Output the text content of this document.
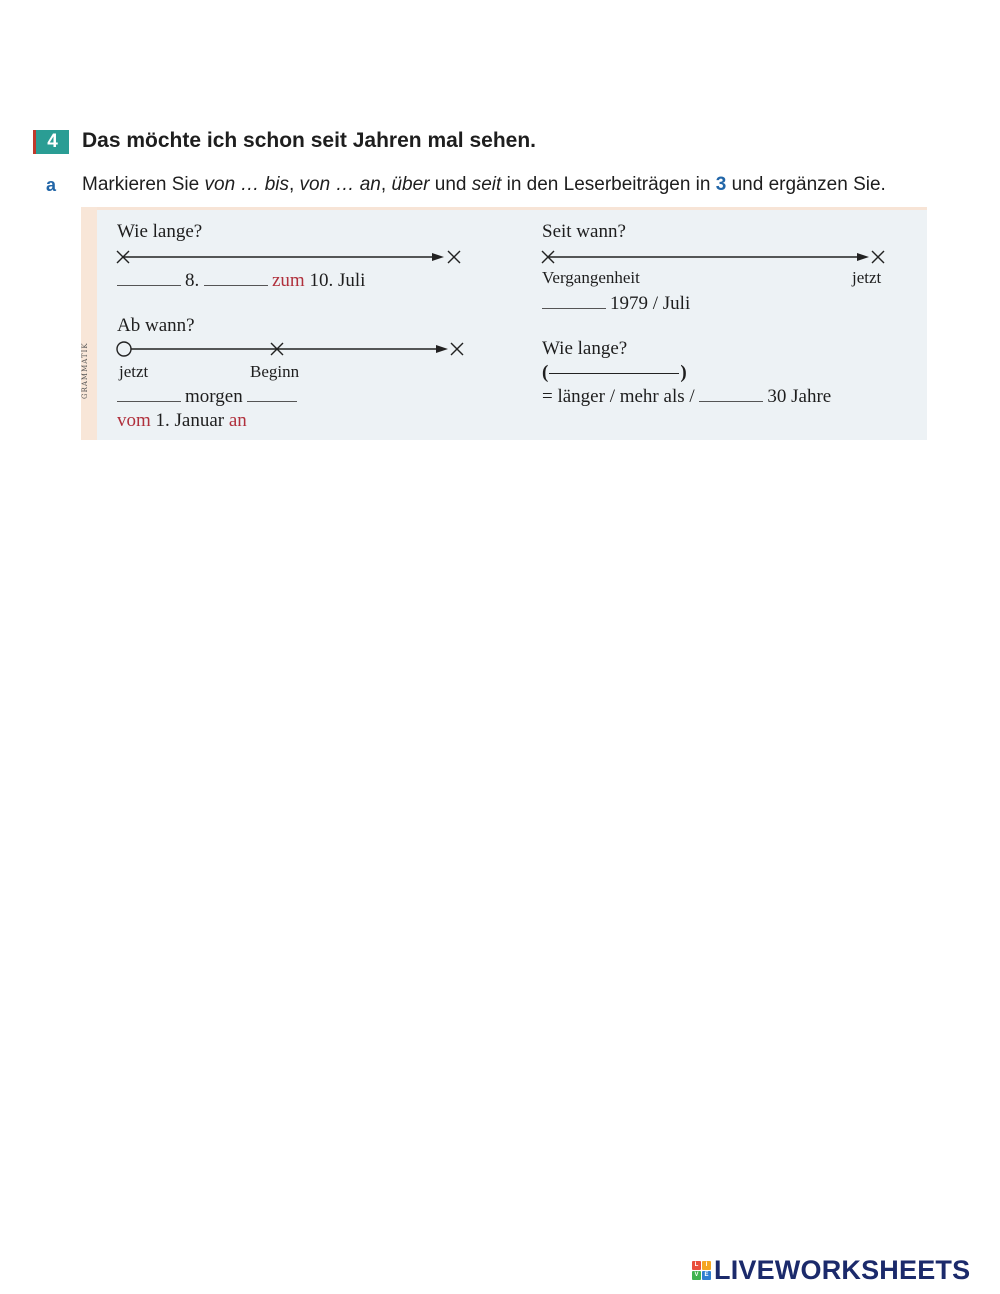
4	Das möchte ich schon seit Jahren mal sehen.
a Markieren Sie von … bis, von … an, über und seit in den Leserbeiträgen in 3 und ergänzen Sie.
Wie lange?
8.	zum 10. Juli
Ab wann?
jetzt	Beginn
morgen
vom 1. Januar an
Seit wann?
Vergangenheit	jetzt
1979 / Juli
Wie lange?
(	)
= länger / mehr als /	30 Jahre
L	I
V E LIVEWORKSHEETS
